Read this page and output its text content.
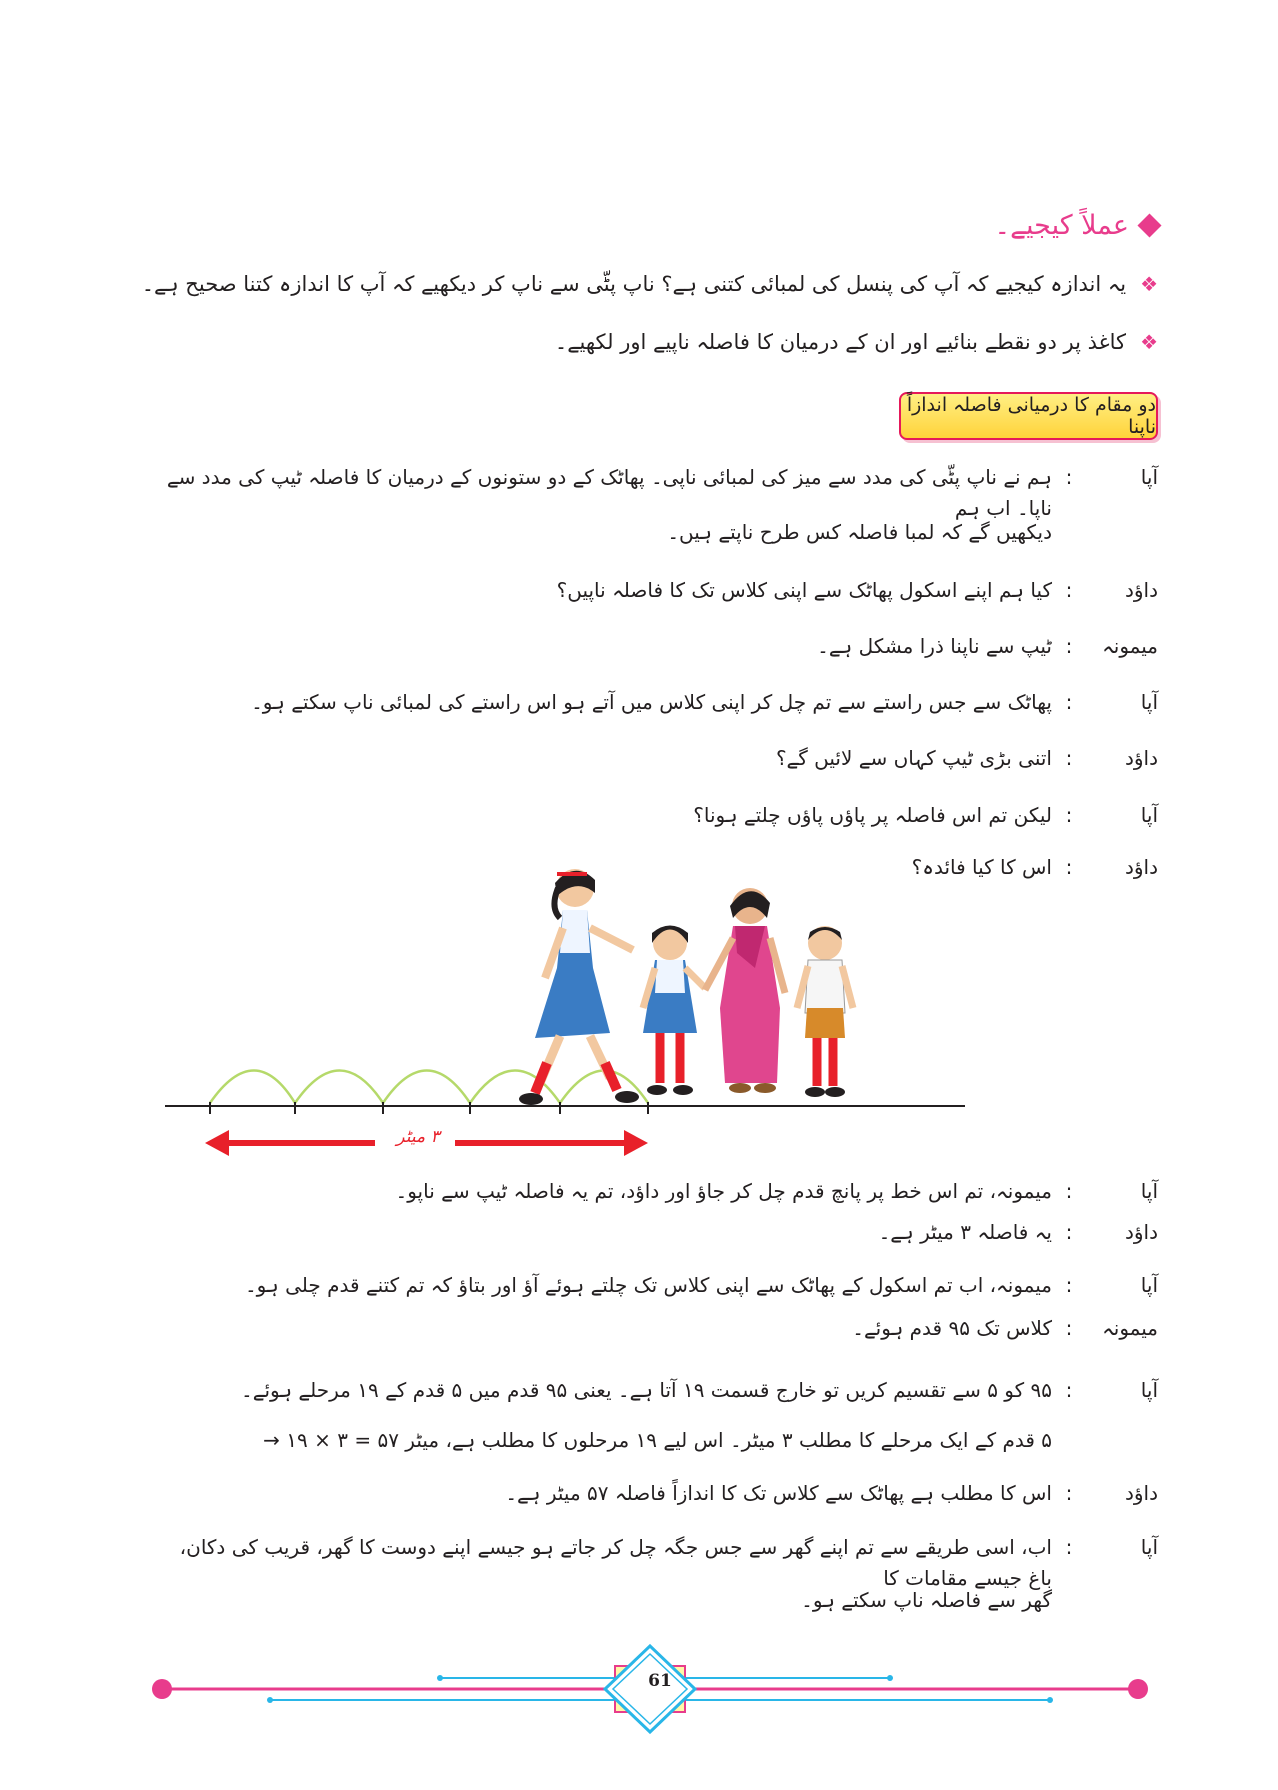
عملاً کیجیے۔
❖
یہ اندازہ کیجیے کہ آپ کی پنسل کی لمبائی کتنی ہے؟ ناپ پٹّی سے ناپ کر دیکھیے کہ آپ کا اندازہ کتنا صحیح ہے۔
❖
کاغذ پر دو نقطے بنائیے اور ان کے درمیان کا فاصلہ ناپیے اور لکھیے۔
دو مقام کا درمیانی فاصلہ اندازاً ناپنا
آپا
:
ہم نے ناپ پٹّی کی مدد سے میز کی لمبائی ناپی۔ پھاٹک کے دو ستونوں کے درمیان کا فاصلہ ٹیپ کی مدد سے ناپا۔ اب ہم
دیکھیں گے کہ لمبا فاصلہ کس طرح ناپتے ہیں۔
داؤد
:
کیا ہم اپنے اسکول پھاٹک سے اپنی کلاس تک کا فاصلہ ناپیں؟
میمونہ
:
ٹیپ سے ناپنا ذرا مشکل ہے۔
آپا
:
پھاٹک سے جس راستے سے تم چل کر اپنی کلاس میں آتے ہو اس راستے کی لمبائی ناپ سکتے ہو۔
داؤد
:
اتنی بڑی ٹیپ کہاں سے لائیں گے؟
آپا
:
لیکن تم اس فاصلہ پر پاؤں پاؤں چلتے ہونا؟
داؤد
:
اس کا کیا فائدہ؟
۳ میٹر
آپا
:
میمونہ، تم اس خط پر پانچ قدم چل کر جاؤ اور داؤد، تم یہ فاصلہ ٹیپ سے ناپو۔
داؤد
:
یہ فاصلہ ۳ میٹر ہے۔
آپا
:
میمونہ، اب تم اسکول کے پھاٹک سے اپنی کلاس تک چلتے ہوئے آؤ اور بتاؤ کہ تم کتنے قدم چلی ہو۔
میمونہ
:
کلاس تک ۹۵ قدم ہوئے۔
آپا
:
۹۵ کو ۵ سے تقسیم کریں تو خارج قسمت ۱۹ آتا ہے۔ یعنی ۹۵ قدم میں ۵ قدم کے ۱۹ مرحلے ہوئے۔
۵ قدم کے ایک مرحلے کا مطلب ۳ میٹر۔ اس لیے ۱۹ مرحلوں کا مطلب ہے، میٹر ۵۷ = ۳ × ۱۹ →
داؤد
:
اس کا مطلب ہے پھاٹک سے کلاس تک کا اندازاً فاصلہ ۵۷ میٹر ہے۔
آپا
:
اب، اسی طریقے سے تم اپنے گھر سے جس جگہ چل کر جاتے ہو جیسے اپنے دوست کا گھر، قریب کی دکان، باغ جیسے مقامات کا
گھر سے فاصلہ ناپ سکتے ہو۔
61
